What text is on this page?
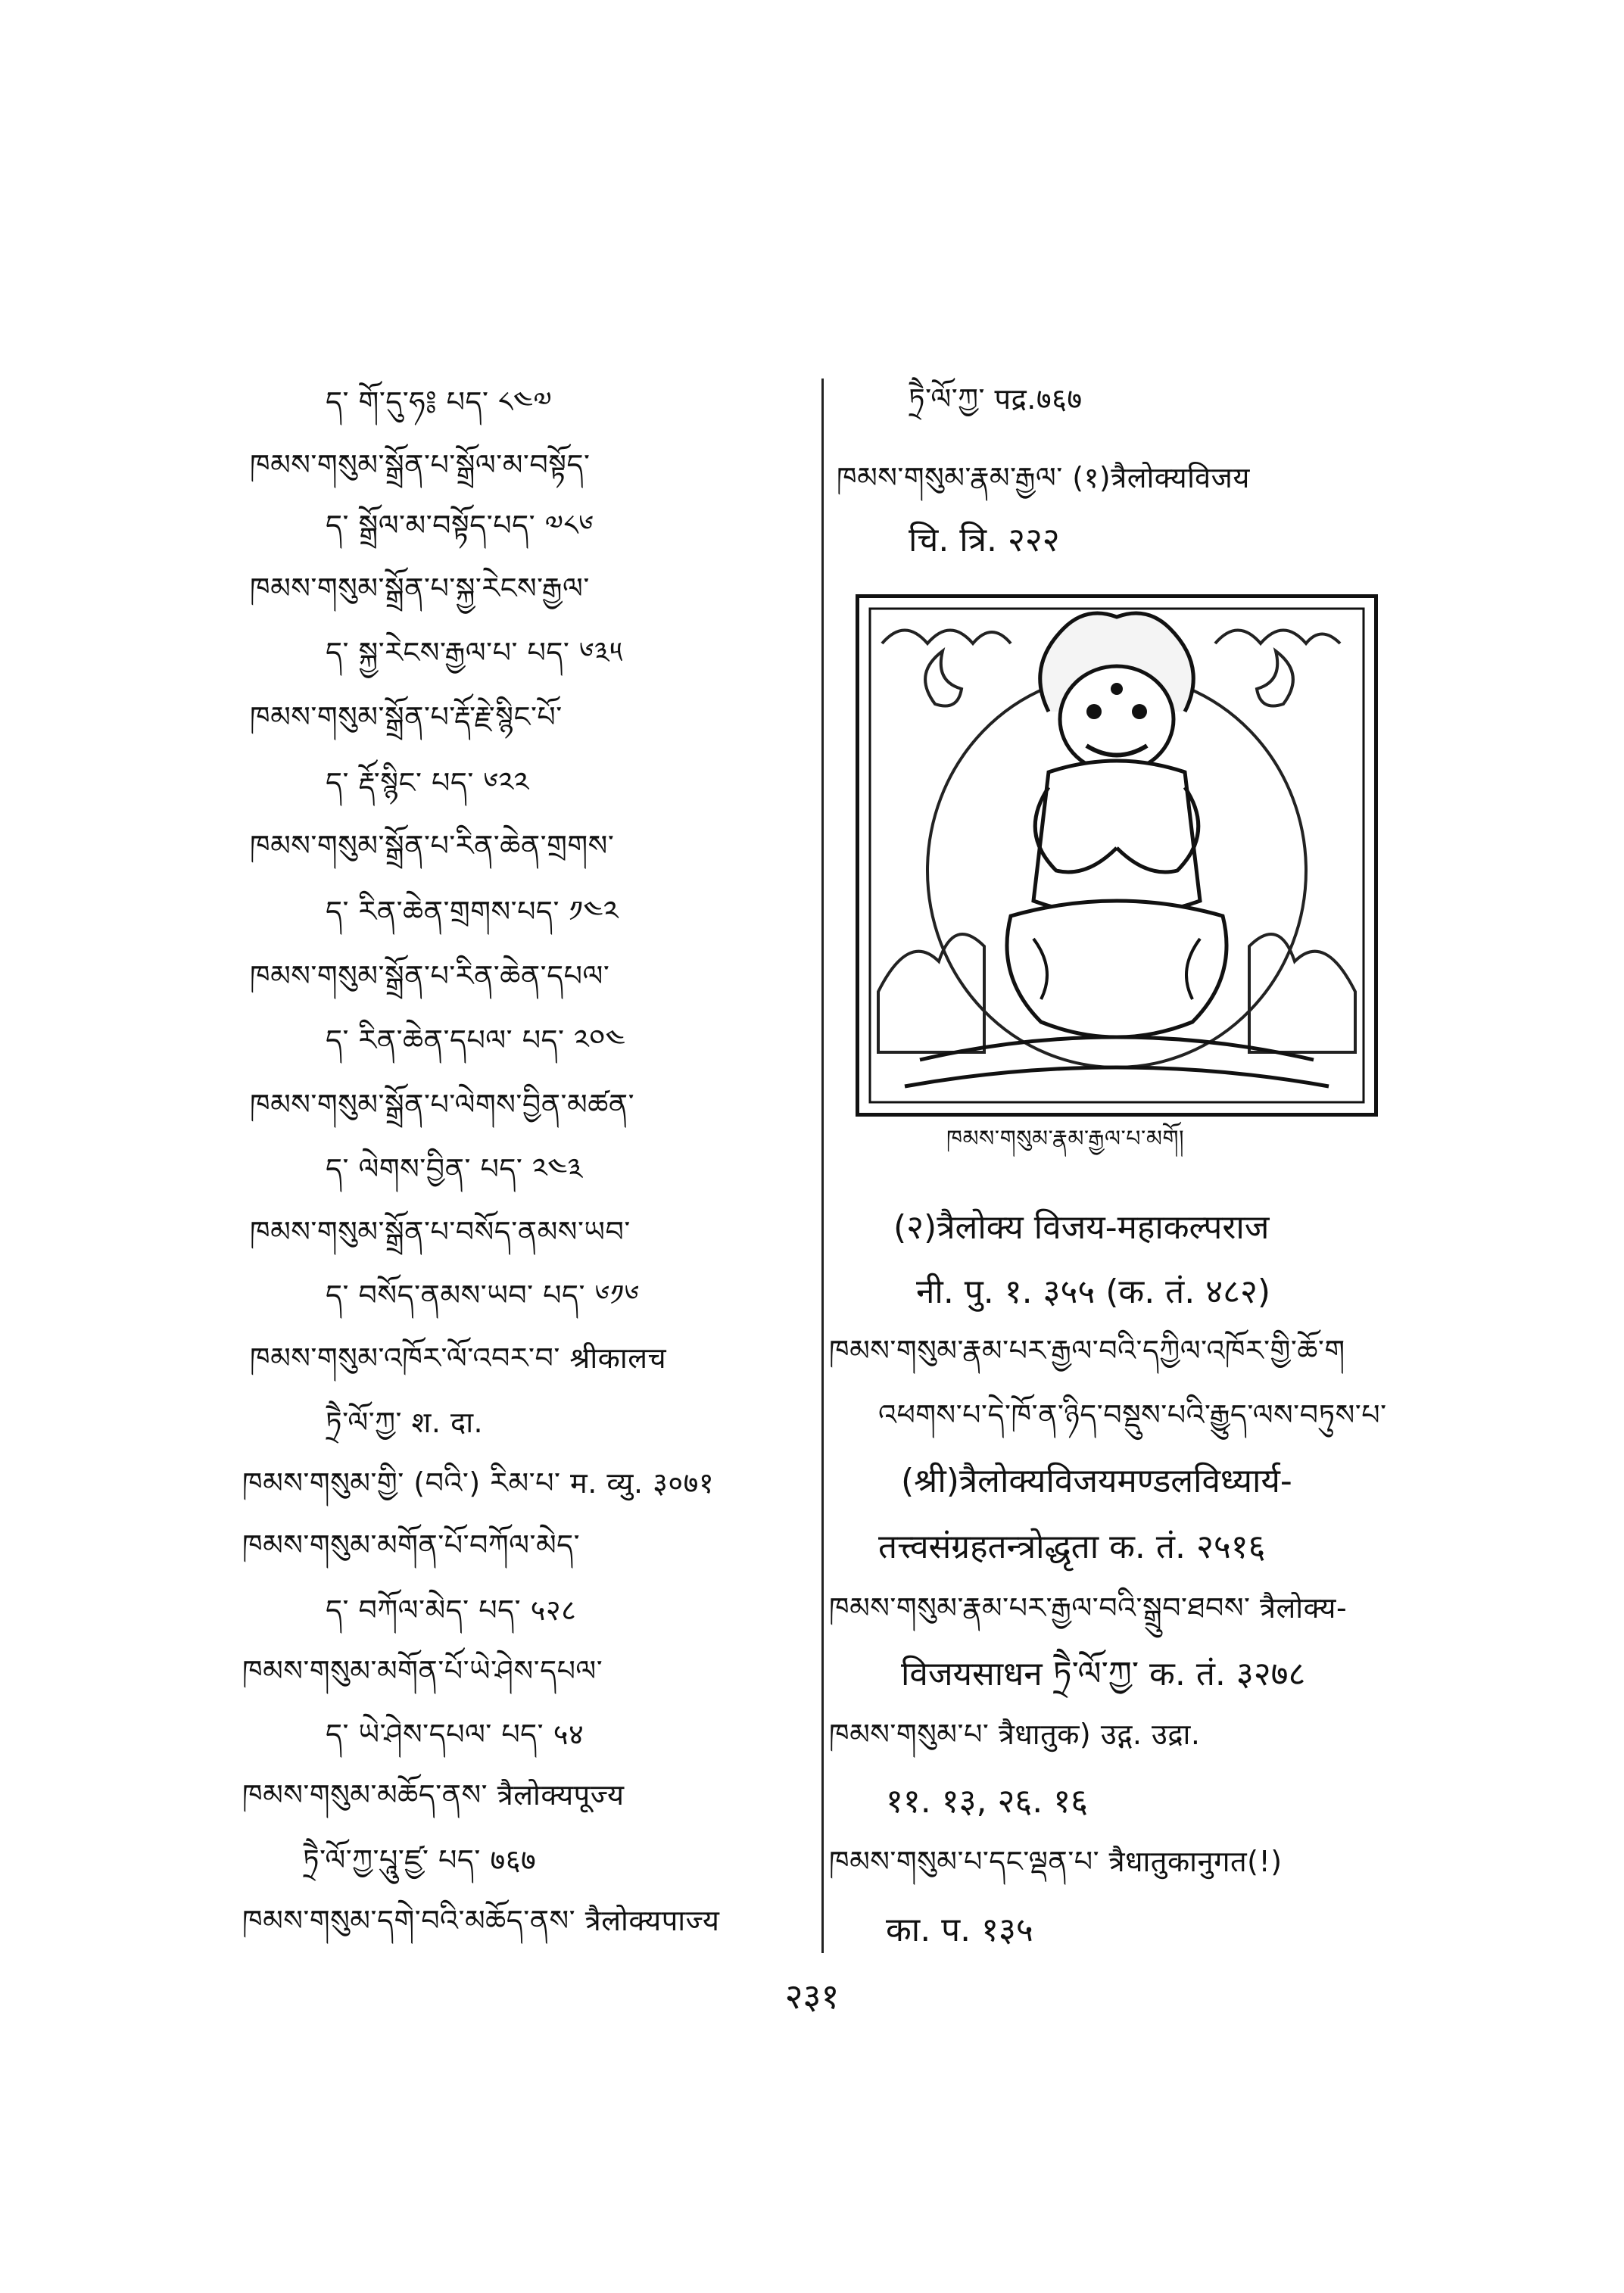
ད་ གོ་དུ་ཧ༔ པད་ ༨༤༧
ཁམས་གསུམ་སྒྲོན་པ་སྒྲོལ་མ་བསྟོད་
ད་ སྒྲོལ་མ་བསྟོད་པད་ ༧༨༦
ཁམས་གསུམ་སྒྲོན་པ་སྐྱ་རེངས་རྒྱལ་
ད་ སྐྱ་རེངས་རྒྱལ་པ་ པད་ ༦༣༥
ཁམས་གསུམ་སྒྲོན་པ་རྡོ་རྗེ་སྙིང་པོ་
ད་ རྡོ་སྙིང་ པད་ ༦༢༢
ཁམས་གསུམ་སྒྲོན་པ་རིན་ཆེན་གྲགས་
ད་ རིན་ཆེན་གྲགས་པད་ ༡༤༢
ཁམས་གསུམ་སྒྲོན་པ་རིན་ཆེན་དཔལ་
ད་ རིན་ཆེན་དཔལ་ པད་ ༢༠༤
ཁམས་གསུམ་སྒྲོན་པ་ལེགས་བྱིན་མཚན་
ད་ ལེགས་བྱིན་ པད་ ༢༤༣
ཁམས་གསུམ་སྒྲོན་པ་བསོད་ནམས་ཡབ་
ད་ བསོད་ནམས་ཡབ་ པད་ ༦༡༦
ཁམས་གསུམ་འཁོར་ལོ་འབར་བ་ श्रीकालच
ཏྲཻ་ལོ་ཀྱ་ श. दा.
ཁམས་གསུམ་གྱི་ (བའི་) རིམ་པ་ म. व्यु. ३०७१
ཁམས་གསུམ་མགོན་པོ་བཀོལ་མེད་
ད་ བཀོལ་མེད་ པད་ ५२८
ཁམས་གསུམ་མགོན་པོ་ཡེ་ཤེས་དཔལ་
ད་ ཡེ་ཤེས་དཔལ་ པད་ ५४
ཁམས་གསུམ་མཆོད་ནས་ त्रैलोक्यपूज्य
ཏྲཻ་ལོ་ཀྱ་པཱུ་ཛྱ་ པད་ ७६७
ཁམས་གསུམ་དགེ་བའི་མཆོད་ནས་ त्रैलोक्यपाज्य
ཏྲཻ་ལོ་ཀྱ་ पद्र.७६७
ཁམས་གསུམ་རྣམ་རྒྱལ་ (१)त्रैलोक्यविजय
चि. त्रि. २२२
ཁམས་གསུམ་རྣམ་རྒྱལ་པ་མགོ།
(२)त्रैलोक्य विजय-महाकल्पराज
नी. पु. १. ३५५ (क. तं. ४८२)
ཁམས་གསུམ་རྣམ་པར་རྒྱལ་བའི་དཀྱིལ་འཁོར་གྱི་ཆོ་ག
འཕགས་པ་དེ་ཁོ་ན་ཉིད་བསྡུས་པའི་རྒྱུད་ལས་བཏུས་པ་
(श्री)त्रैलोक्यविजयमण्डलविध्यार्य-
तत्त्वसंग्रहतन्त्रोद्धृता क. तं. २५१६
ཁམས་གསུམ་རྣམ་པར་རྒྱལ་བའི་སྒྲུབ་ཐབས་ त्रैलोक्य-
विजयसाधन ཏྲཻ་ལོ་ཀྱ་ क. तं. ३२७८
ཁམས་གསུམ་པ་ त्रैधातुक) उद्ग. उद्रा.
११. १३, २६. १६
ཁམས་གསུམ་པ་དང་ལྡན་པ་ त्रैधातुकानुगत(!)
का. प. १३५
२३१
